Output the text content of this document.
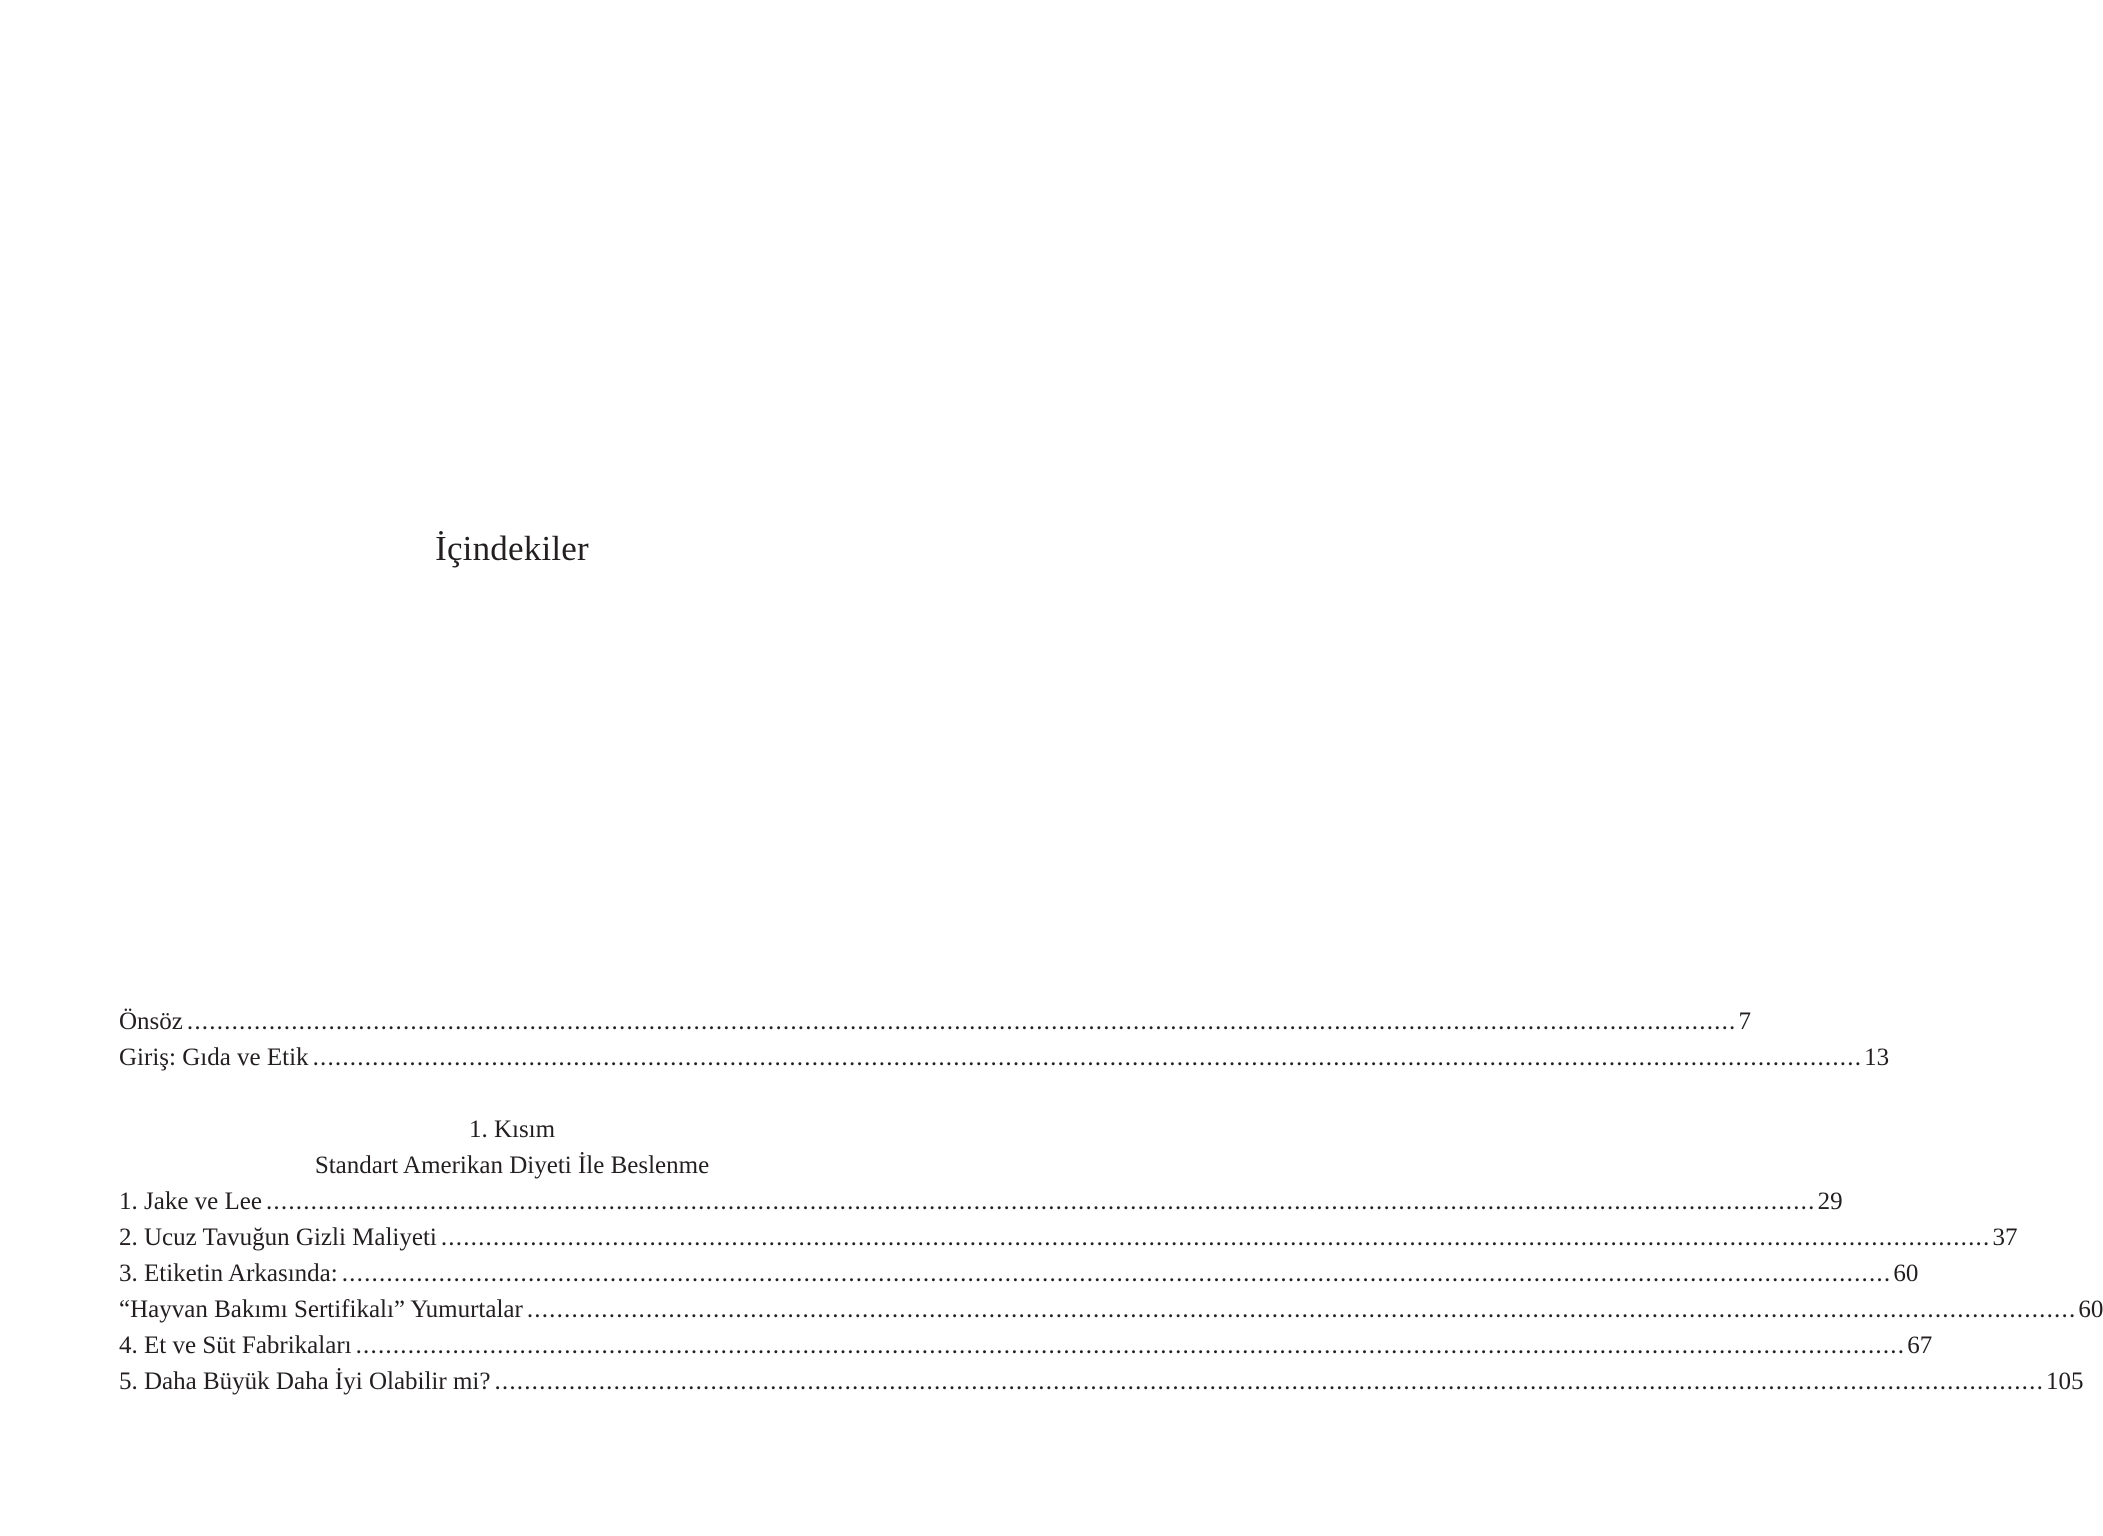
İçindekiler
Önsöz ................................................................................................................................................................................................................ 7
Giriş: Gıda ve Etik ................................................................................................................................................................................................................ 13
1. Jake ve Lee ................................................................................................................................................................................................................ 29
2. Ucuz Tavuğun Gizli Maliyeti ................................................................................................................................................................................................................ 37
3. Etiketin Arkasında: ................................................................................................................................................................................................................ 60
“Hayvan Bakımı Sertifikalı” Yumurtalar ................................................................................................................................................................................................................ 60
4. Et ve Süt Fabrikaları ................................................................................................................................................................................................................ 67
5. Daha Büyük Daha İyi Olabilir mi? ................................................................................................................................................................................................................ 105
1. Kısım
Standart Amerikan Diyeti İle Beslenme
